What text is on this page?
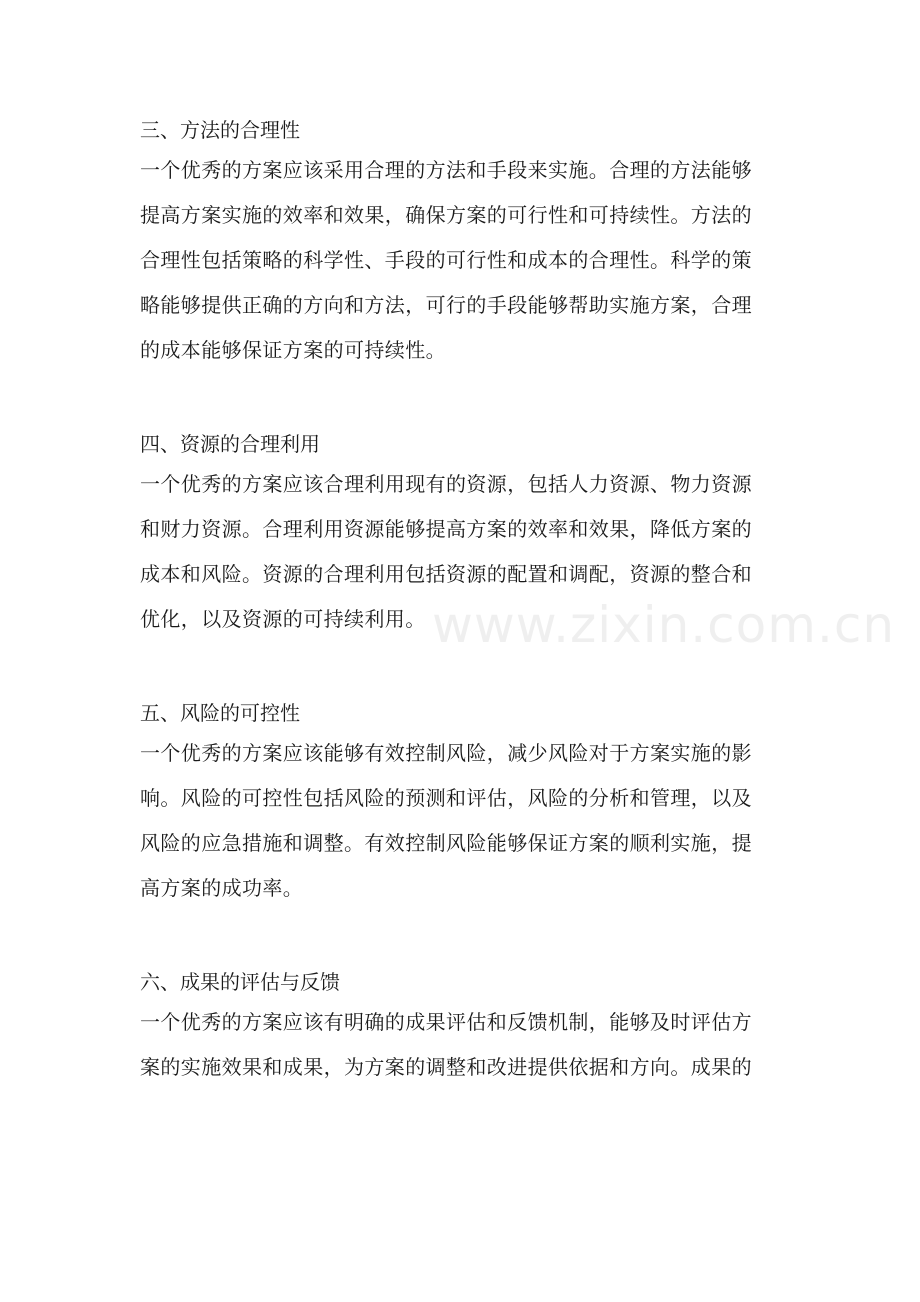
三、方法的合理性
一个优秀的方案应该采用合理的方法和手段来实施。合理的方法能够
提高方案实施的效率和效果，确保方案的可行性和可持续性。方法的
合理性包括策略的科学性、手段的可行性和成本的合理性。科学的策
略能够提供正确的方向和方法，可行的手段能够帮助实施方案，合理
的成本能够保证方案的可持续性。
四、资源的合理利用
一个优秀的方案应该合理利用现有的资源，包括人力资源、物力资源
和财力资源。合理利用资源能够提高方案的效率和效果，降低方案的
成本和风险。资源的合理利用包括资源的配置和调配，资源的整合和
优化，以及资源的可持续利用。
五、风险的可控性
一个优秀的方案应该能够有效控制风险，减少风险对于方案实施的影
响。风险的可控性包括风险的预测和评估，风险的分析和管理，以及
风险的应急措施和调整。有效控制风险能够保证方案的顺利实施，提
高方案的成功率。
六、成果的评估与反馈
一个优秀的方案应该有明确的成果评估和反馈机制，能够及时评估方
案的实施效果和成果，为方案的调整和改进提供依据和方向。成果的
www.zixin.com.cn
